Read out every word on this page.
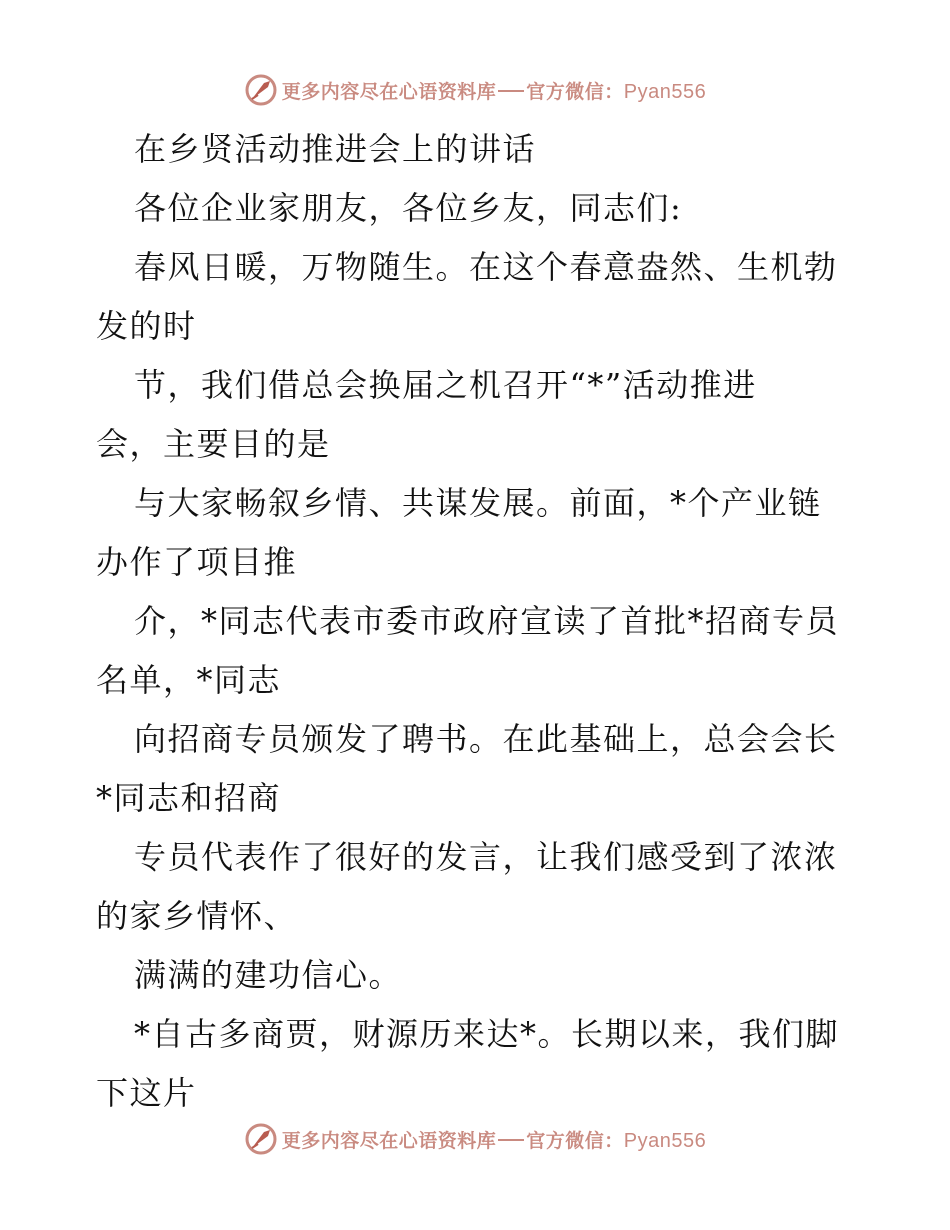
更多内容尽在心语资料库 官方微信：Pyan556
在乡贤活动推进会上的讲话
各位企业家朋友，各位乡友，同志们:
春风日暖，万物随生。在这个春意盎然、生机勃
发的时
节，我们借总会换届之机召开“*”活动推进
会，主要目的是
与大家畅叙乡情、共谋发展。前面，*个产业链
办作了项目推
介，*同志代表市委市政府宣读了首批*招商专员
名单，*同志
向招商专员颁发了聘书。在此基础上，总会会长
*同志和招商
专员代表作了很好的发言，让我们感受到了浓浓
的家乡情怀、
满满的建功信心。
*自古多商贾，财源历来达*。长期以来，我们脚
下这片
更多内容尽在心语资料库 官方微信：Pyan556
